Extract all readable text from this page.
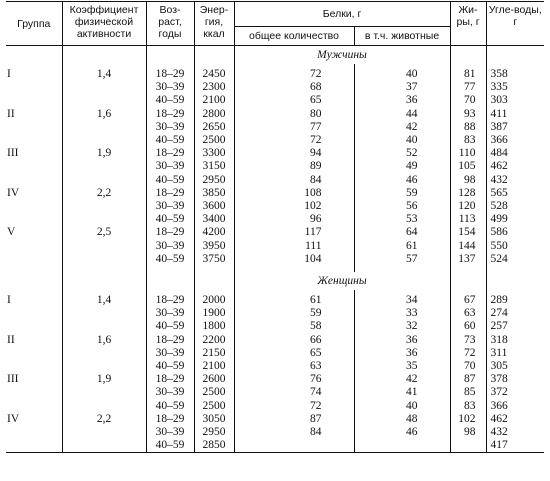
Группа	Коэффициент физической активности	Воз-раст, годы	Энер-гия, ккал	Белки, г		Жи-ры, г	Угле-воды, г
				общее количество	в т.ч. животные		
				Мужчины			

I	1,4	18–29	2450	72	40	81	358
		30–39	2300	68	37	77	335
		40–59	2100	65	36	70	303
II	1,6	18–29	2800	80	44	93	411
		30–39	2650	77	42	88	387
		40–59	2500	72	40	83	366
III	1,9	18–29	3300	94	52	110	484
		30–39	3150	89	49	105	462
		40–59	2950	84	46	98	432
IV	2,2	18–29	3850	108	59	128	565
		30–39	3600	102	56	120	528
		40–59	3400	96	53	113	499
V	2,5	18–29	4200	117	64	154	586
		30–39	3950	111	61	144	550
		40–59	3750	104	57	137	524

				Женщины			

I	1,4	18–29	2000	61	34	67	289
		30–39	1900	59	33	63	274
		40–59	1800	58	32	60	257
II	1,6	18–29	2200	66	36	73	318
		30–39	2150	65	36	72	311
		40–59	2100	63	35	70	305
III	1,9	18–29	2600	76	42	87	378
		30–39	2500	74	41	85	372
		40–59	2500	72	40	83	366
IV	2,2	18–29	3050	87	48	102	462
		30–39	2950	84	46	98	432
		40–59	2850				417
